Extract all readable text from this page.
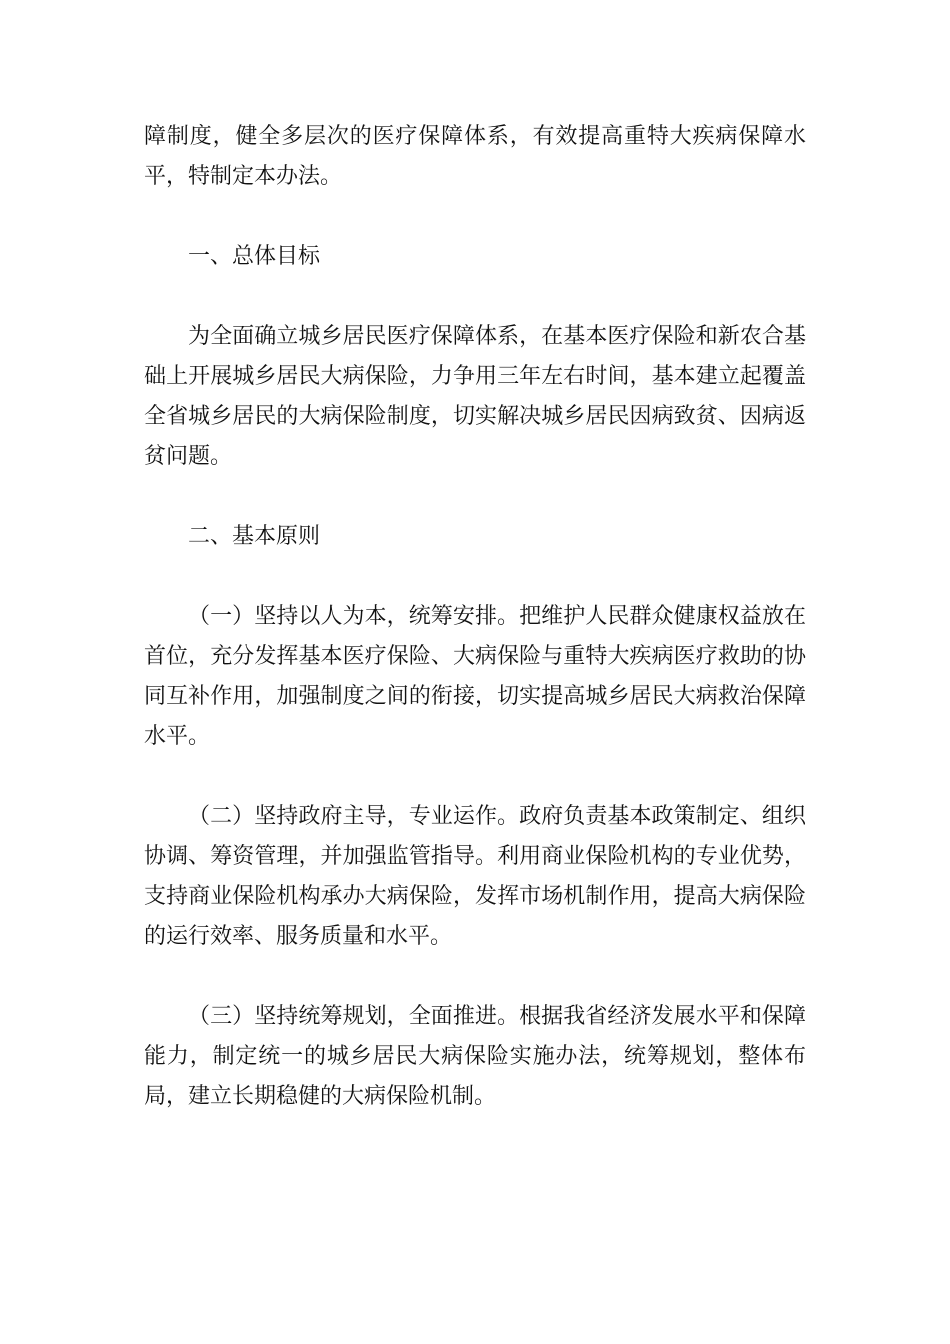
障制度，健全多层次的医疗保障体系，有效提高重特大疾病保障水平，特制定本办法。

一、总体目标

为全面确立城乡居民医疗保障体系，在基本医疗保险和新农合基础上开展城乡居民大病保险，力争用三年左右时间，基本建立起覆盖全省城乡居民的大病保险制度，切实解决城乡居民因病致贫、因病返贫问题。

二、基本原则

（一）坚持以人为本，统筹安排。把维护人民群众健康权益放在首位，充分发挥基本医疗保险、大病保险与重特大疾病医疗救助的协同互补作用，加强制度之间的衔接，切实提高城乡居民大病救治保障水平。

（二）坚持政府主导，专业运作。政府负责基本政策制定、组织协调、筹资管理，并加强监管指导。利用商业保险机构的专业优势，支持商业保险机构承办大病保险，发挥市场机制作用，提高大病保险的运行效率、服务质量和水平。

（三）坚持统筹规划，全面推进。根据我省经济发展水平和保障能力，制定统一的城乡居民大病保险实施办法，统筹规划，整体布局，建立长期稳健的大病保险机制。
